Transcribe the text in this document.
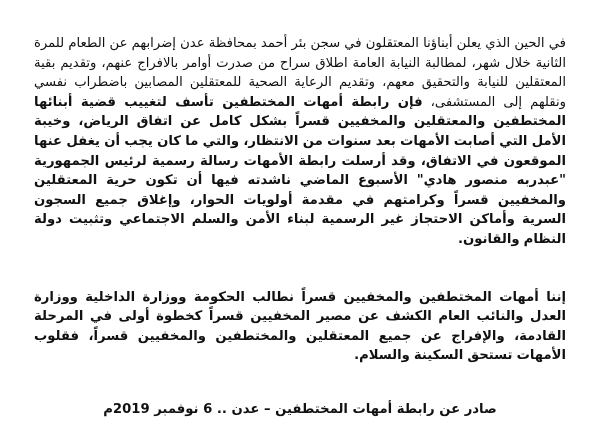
في الحين الذي يعلن أبناؤنا المعتقلون في سجن بئر أحمد بمحافظة عدن إضرابهم عن الطعام للمرة الثانية خلال شهر، لمطالبة النيابة العامة اطلاق سراح من صدرت أوامر بالافراج عنهم، وتقديم بقية المعتقلين للنيابة والتحقيق معهم، وتقديم الرعاية الصحية للمعتقلين المصابين باضطراب نفسي ونقلهم إلى المستشفى، فإن رابطة أمهات المختطفين تأسف لتغييب قضية أبنائها المختطفين والمعتقلين والمخفيين قسراً بشكل كامل عن اتفاق الرياض، وخيبة الأمل التي أصابت الأمهات بعد سنوات من الانتظار، والتي ما كان يجب أن يغفل عنها الموقعون في الاتفاق، وقد أرسلت رابطة الأمهات رسالة رسمية لرئيس الجمهورية "عبدربه منصور هادي" الأسبوع الماضي ناشدته فيها أن تكون حرية المعتقلين والمخفيين قسراً وكرامتهم في مقدمة أولويات الحوار، وإغلاق جميع السجون السرية وأماكن الاحتجاز غير الرسمية لبناء الأمن والسلم الاجتماعي وتثبيت دولة النظام والقانون.

إننا أمهات المختطفين والمخفيين قسراً نطالب الحكومة ووزارة الداخلية ووزارة العدل والنائب العام الكشف عن مصير المخفيين قسراً كخطوة أولى في المرحلة القادمة، والإفراج عن جميع المعتقلين والمختطفين والمخفيين قسراً، فقلوب الأمهات تستحق السكينة والسلام.

صادر عن رابطة أمهات المختطفين – عدن .. 6 نوفمبر 2019م
